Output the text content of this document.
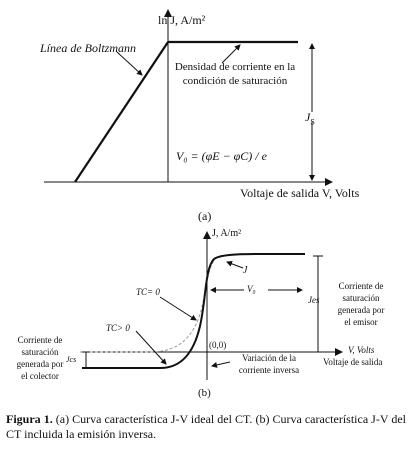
ln J, A/m²
Línea de Boltzmann
Densidad de corriente en la
condición de saturación
$J_S$
V₀ = (φE − φC) / e
Voltaje de salida V, Volts
(a)
J, A/m²
J
TC= 0
TC> 0
V₀
Jes
Jcs
Corriente de
saturación
generada por
el emisor
Corriente de
saturación
generada por
el colector
(0,0)
Variación de la
corriente inversa
V, Volts
Voltaje de salida
(b)
Figura 1. (a) Curva característica J-V ideal del CT. (b) Curva característica J-V del CT incluida la emisión inversa.
